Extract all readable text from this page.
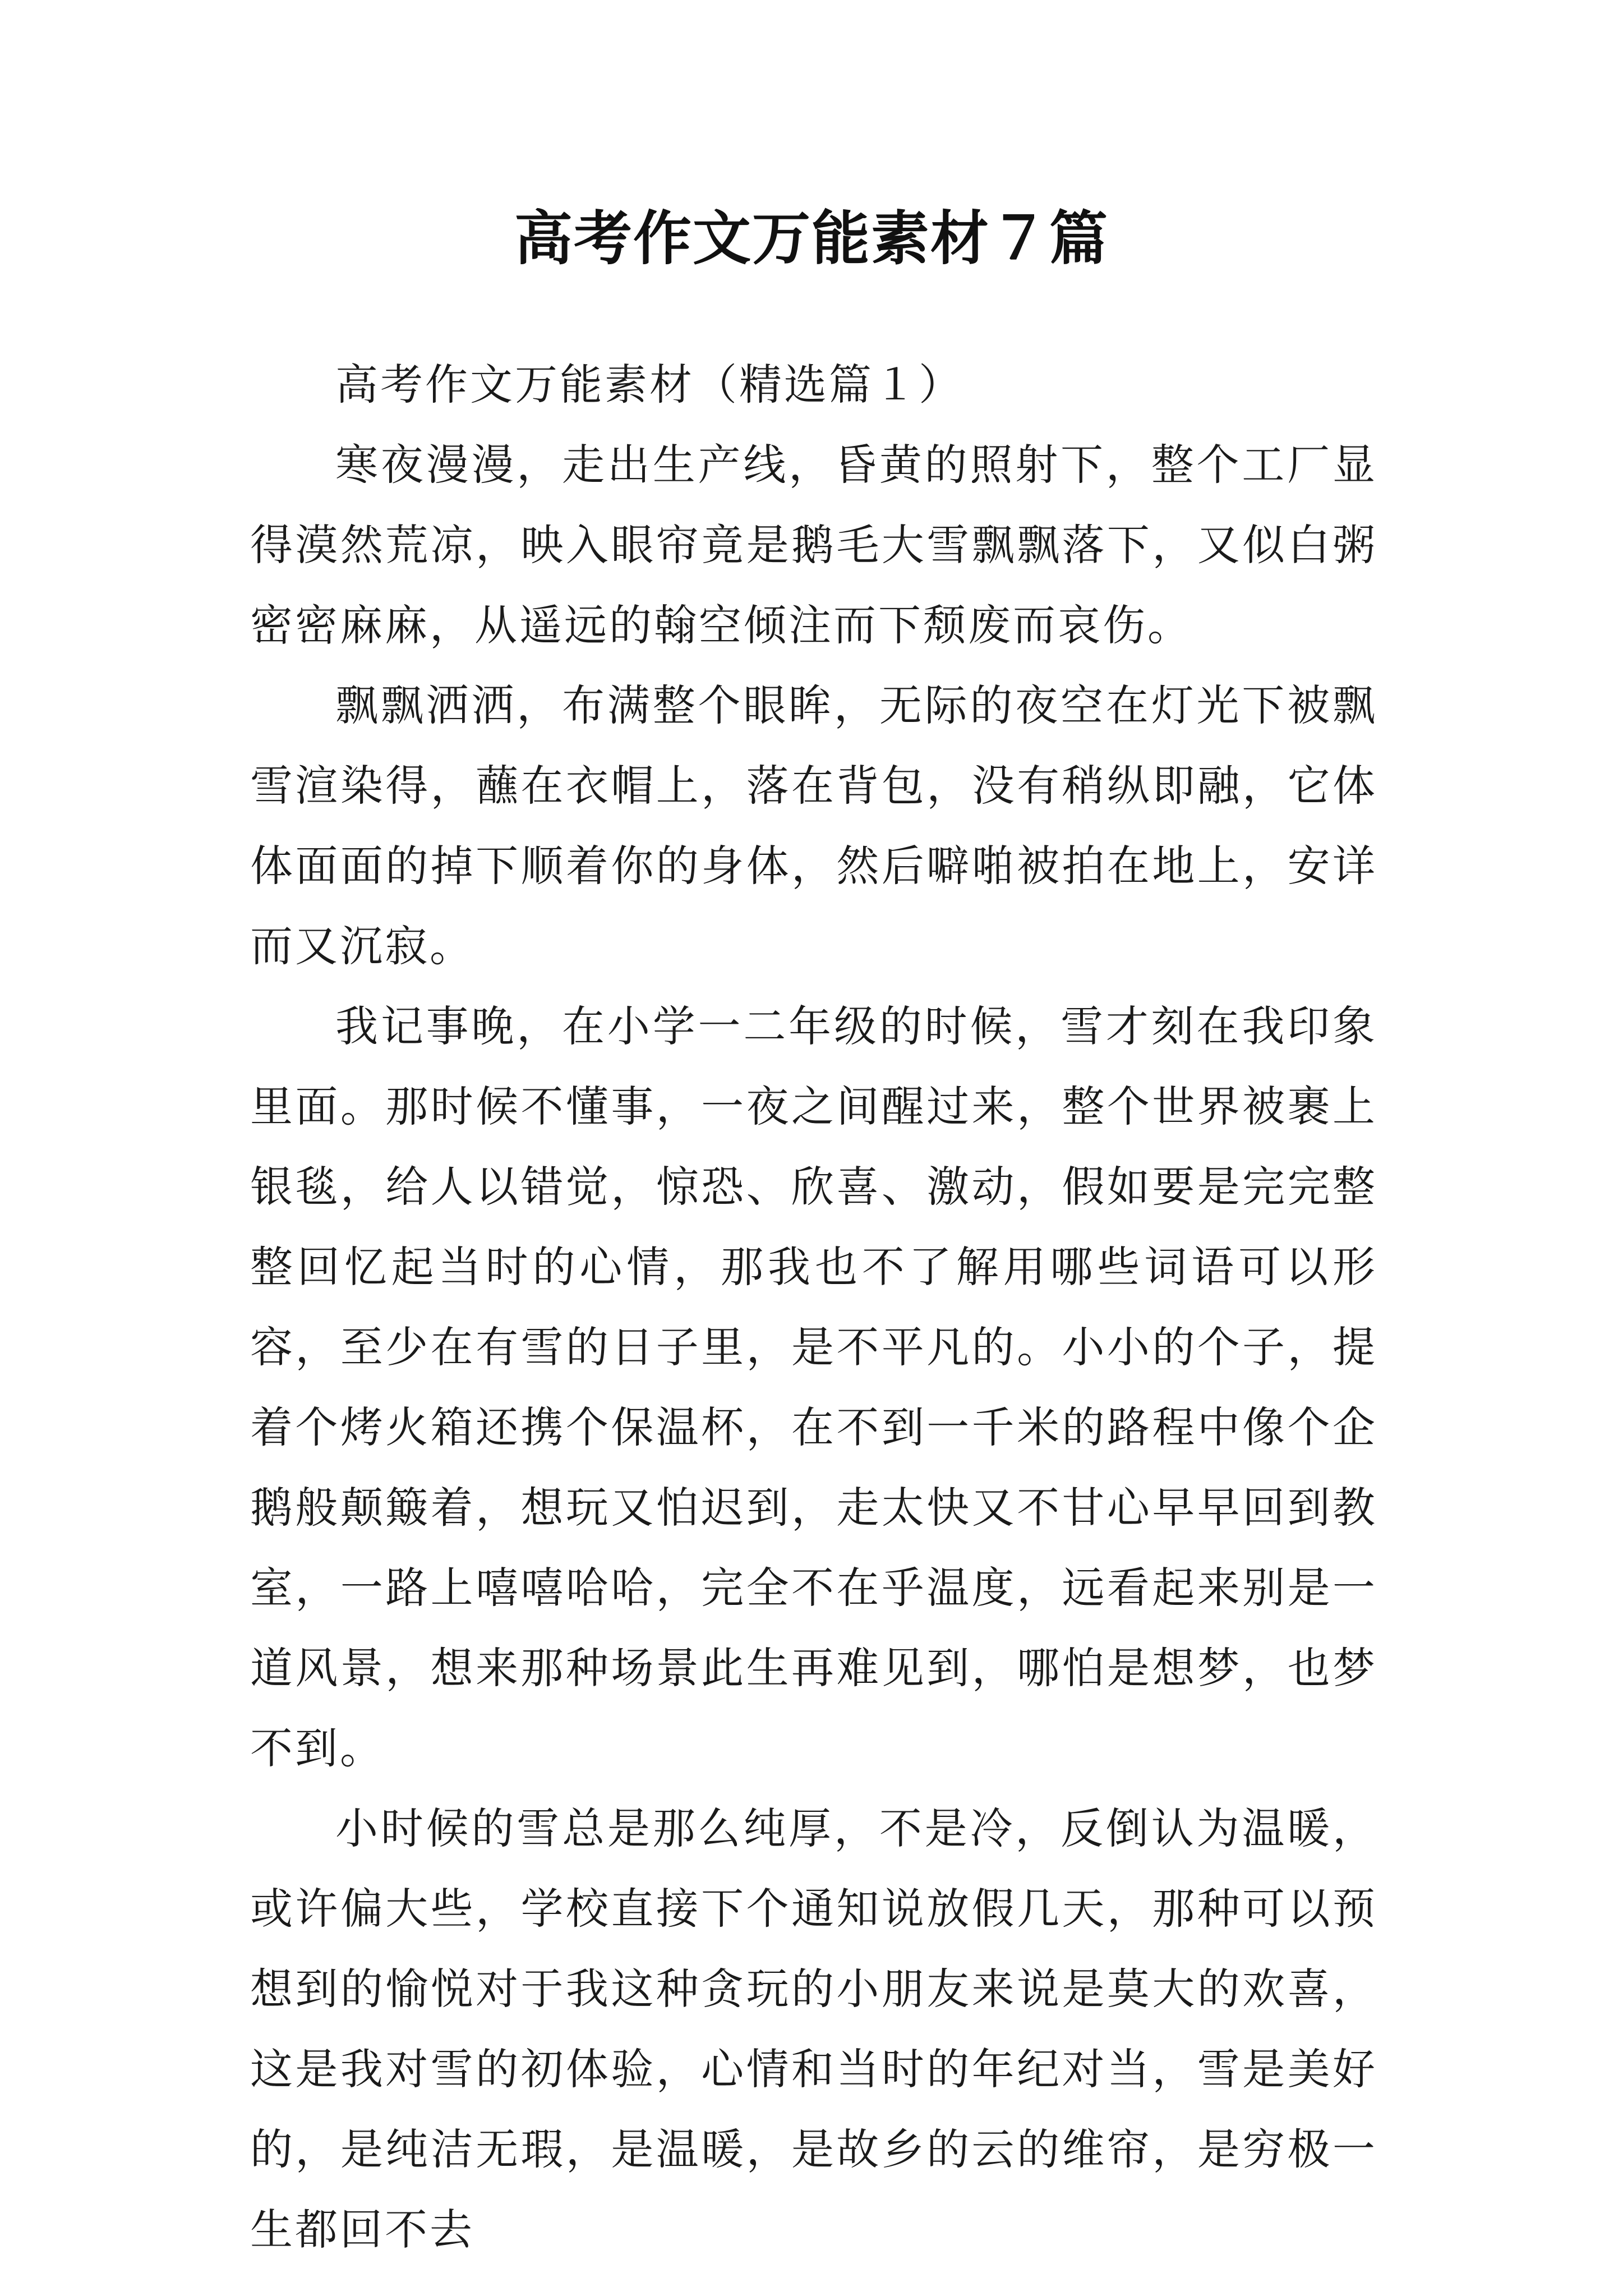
高考作文万能素材７篇

高考作文万能素材（精选篇１）

寒夜漫漫，走出生产线，昏黄的照射下，整个工厂显得漠然荒凉，映入眼帘竟是鹅毛大雪飘飘落下，又似白粥密密麻麻，从遥远的翰空倾注而下颓废而哀伤。

飘飘洒洒，布满整个眼眸，无际的夜空在灯光下被飘雪渲染得，蘸在衣帽上，落在背包，没有稍纵即融，它体体面面的掉下顺着你的身体，然后噼啪被拍在地上，安详而又沉寂。

我记事晚，在小学一二年级的时候，雪才刻在我印象里面。那时候不懂事，一夜之间醒过来，整个世界被裹上银毯，给人以错觉，惊恐、欣喜、激动，假如要是完完整整回忆起当时的心情，那我也不了解用哪些词语可以形容，至少在有雪的日子里，是不平凡的。小小的个子，提着个烤火箱还携个保温杯，在不到一千米的路程中像个企鹅般颠簸着，想玩又怕迟到，走太快又不甘心早早回到教室，一路上嘻嘻哈哈，完全不在乎温度，远看起来别是一道风景，想来那种场景此生再难见到，哪怕是想梦，也梦不到。

小时候的雪总是那么纯厚，不是冷，反倒认为温暖，或许偏大些，学校直接下个通知说放假几天，那种可以预想到的愉悦对于我这种贪玩的小朋友来说是莫大的欢喜，这是我对雪的初体验，心情和当时的年纪对当，雪是美好的，是纯洁无瑕，是温暖，是故乡的云的维帘，是穷极一生都回不去
